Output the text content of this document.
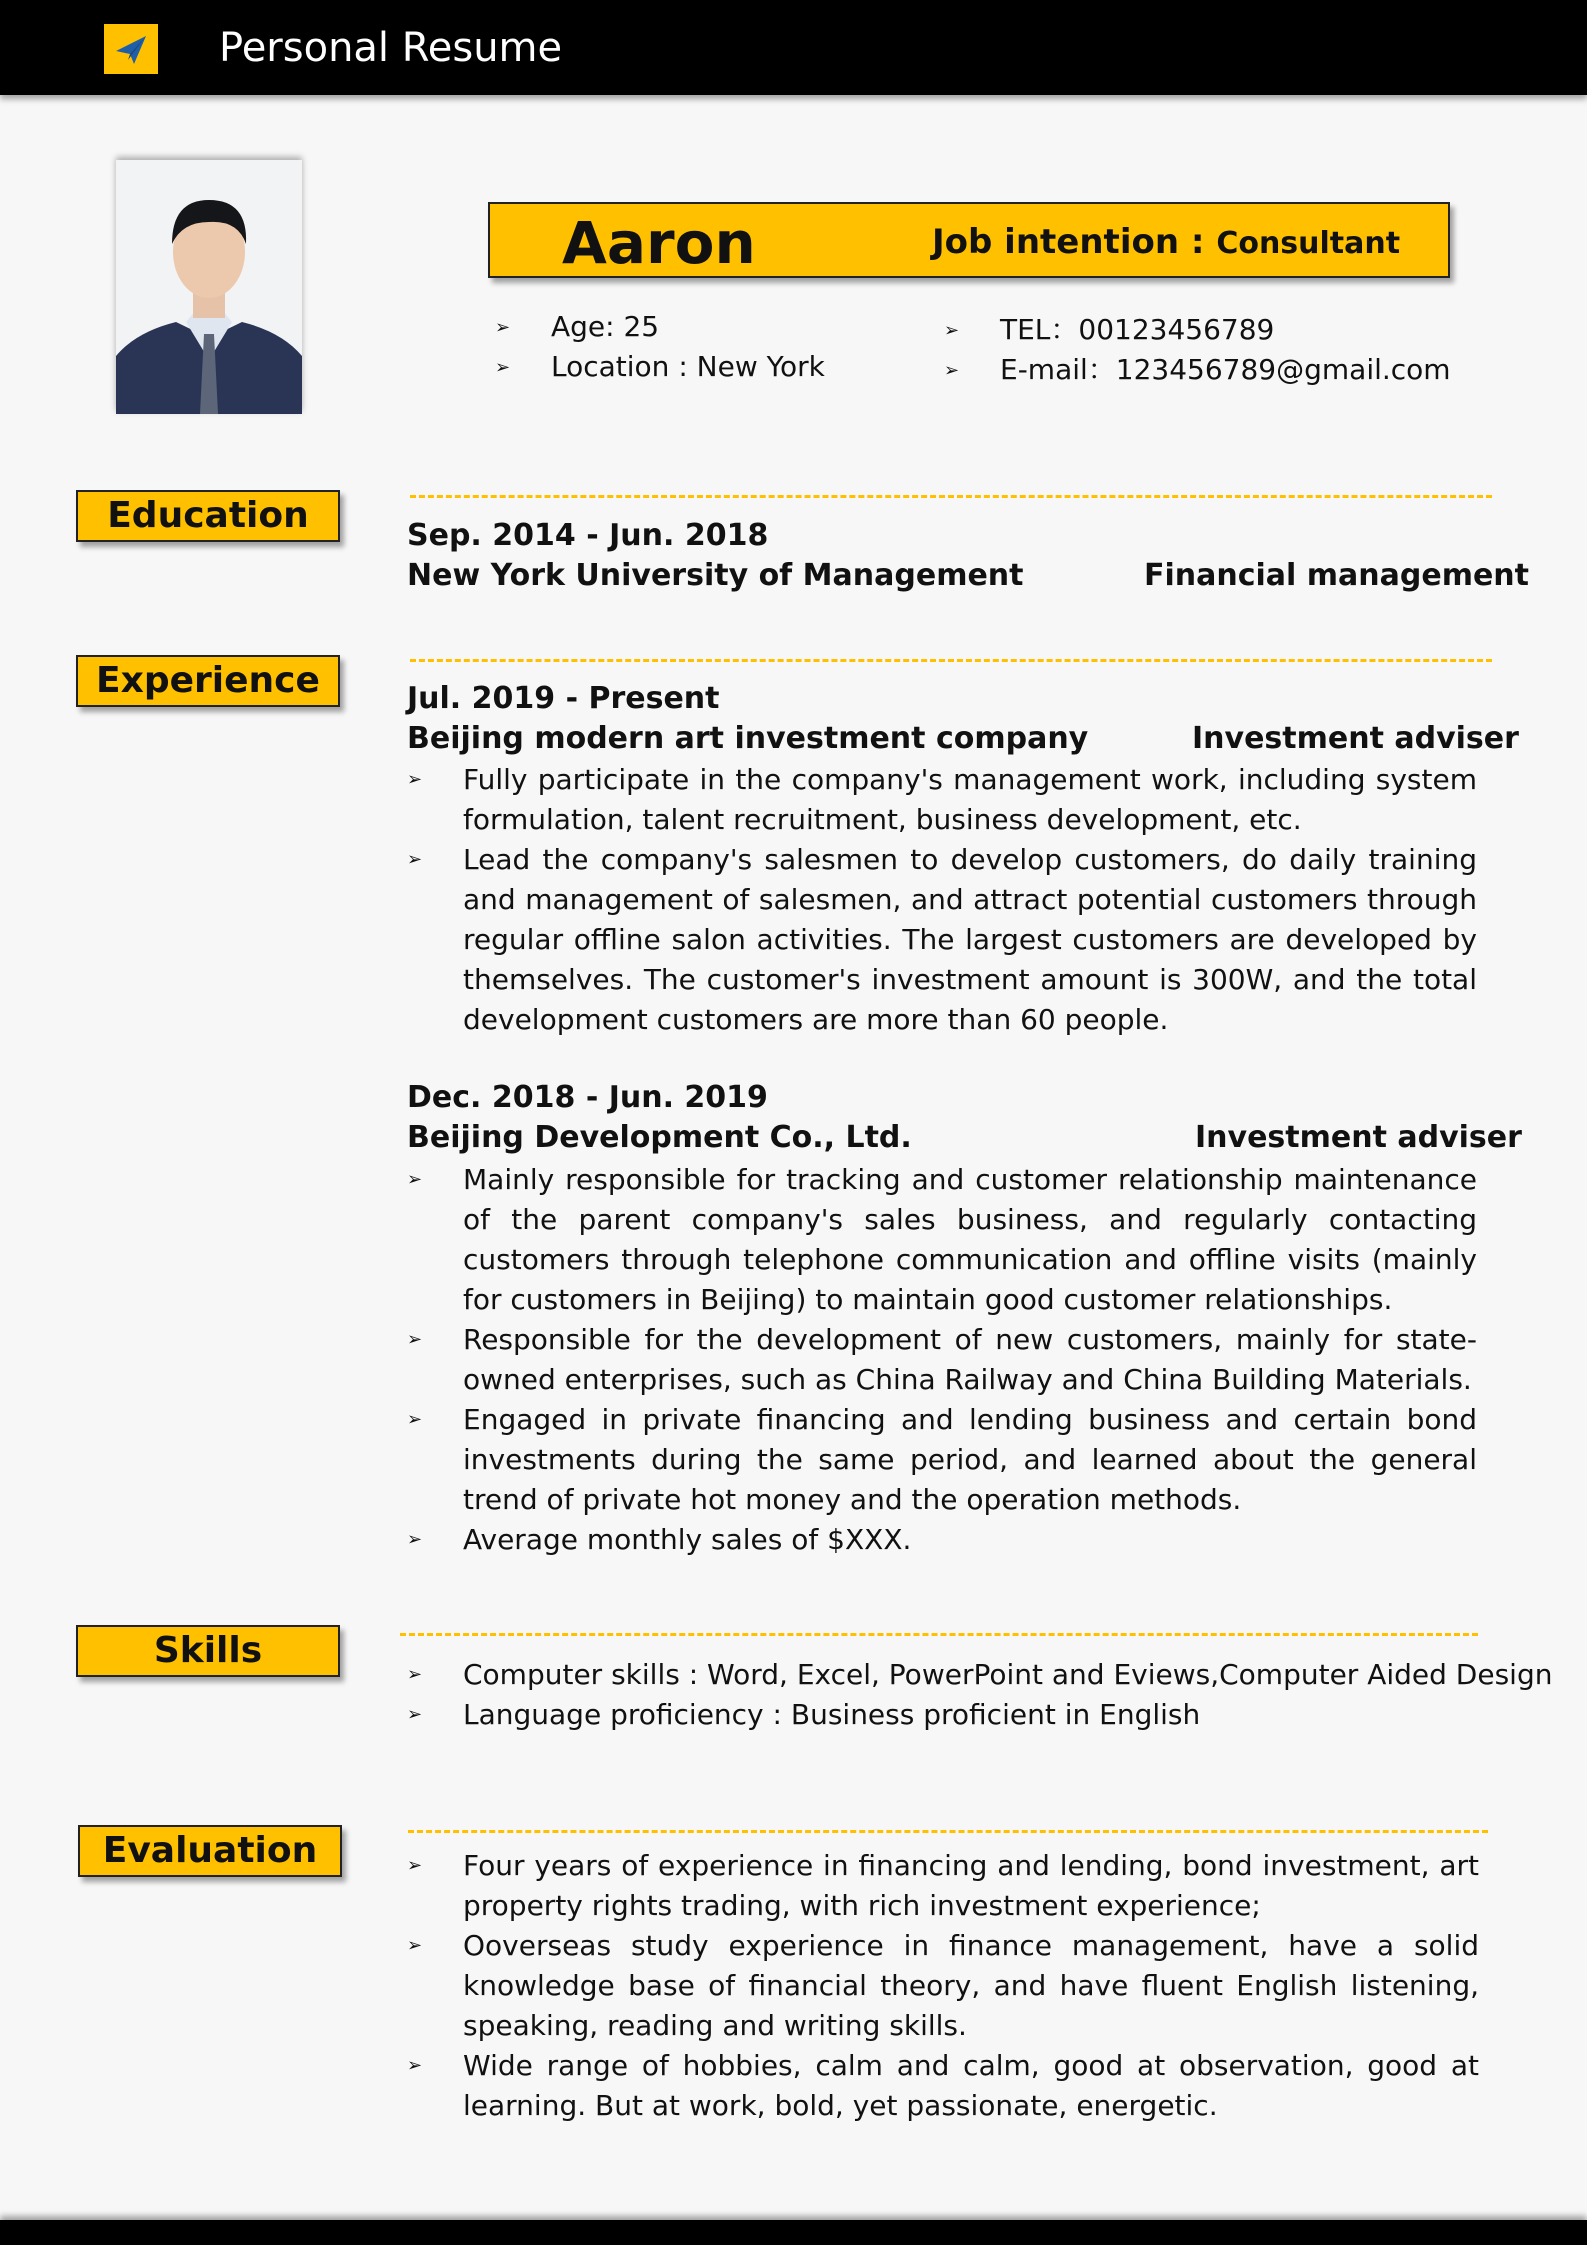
Personal Resume
Aaron	Job intention : Consultant
➢ Age: 25
➢ Location : New York
➢ TEL：00123456789
➢ E-mail：123456789@gmail.com
Education	Sep. 2014 - Jun. 2018
New York University of Management	Financial management
Experience	Jul. 2019 - Present
Beijing modern art investment company	Investment adviser
➢ Fully participate in the company's management work, including system formulation, talent recruitment, business development, etc.
➢ Lead the company's salesmen to develop customers, do daily training and management of salesmen, and attract potential customers through regular offline salon activities. The largest customers are developed by themselves. The customer's investment amount is 300W, and the total development customers are more than 60 people.
Dec. 2018 - Jun. 2019
Beijing Development Co., Ltd.	Investment adviser
➢ Mainly responsible for tracking and customer relationship maintenance of the parent company's sales business, and regularly contacting customers through telephone communication and offline visits (mainly for customers in Beijing) to maintain good customer relationships.
➢ Responsible for the development of new customers, mainly for state-owned enterprises, such as China Railway and China Building Materials.
➢ Engaged in private financing and lending business and certain bond investments during the same period, and learned about the general trend of private hot money and the operation methods.
➢ Average monthly sales of $XXX.
Skills
➢ Computer skills : Word, Excel, PowerPoint and Eviews,Computer Aided Design
➢ Language proficiency : Business proficient in English
Evaluation	➢ Four years of experience in financing and lending, bond investment, art property rights trading, with rich investment experience;
➢ Ooverseas study experience in finance management, have a solid knowledge base of financial theory, and have fluent English listening, speaking, reading and writing skills.
➢ Wide range of hobbies, calm and calm, good at observation, good at learning. But at work, bold, yet passionate, energetic.
